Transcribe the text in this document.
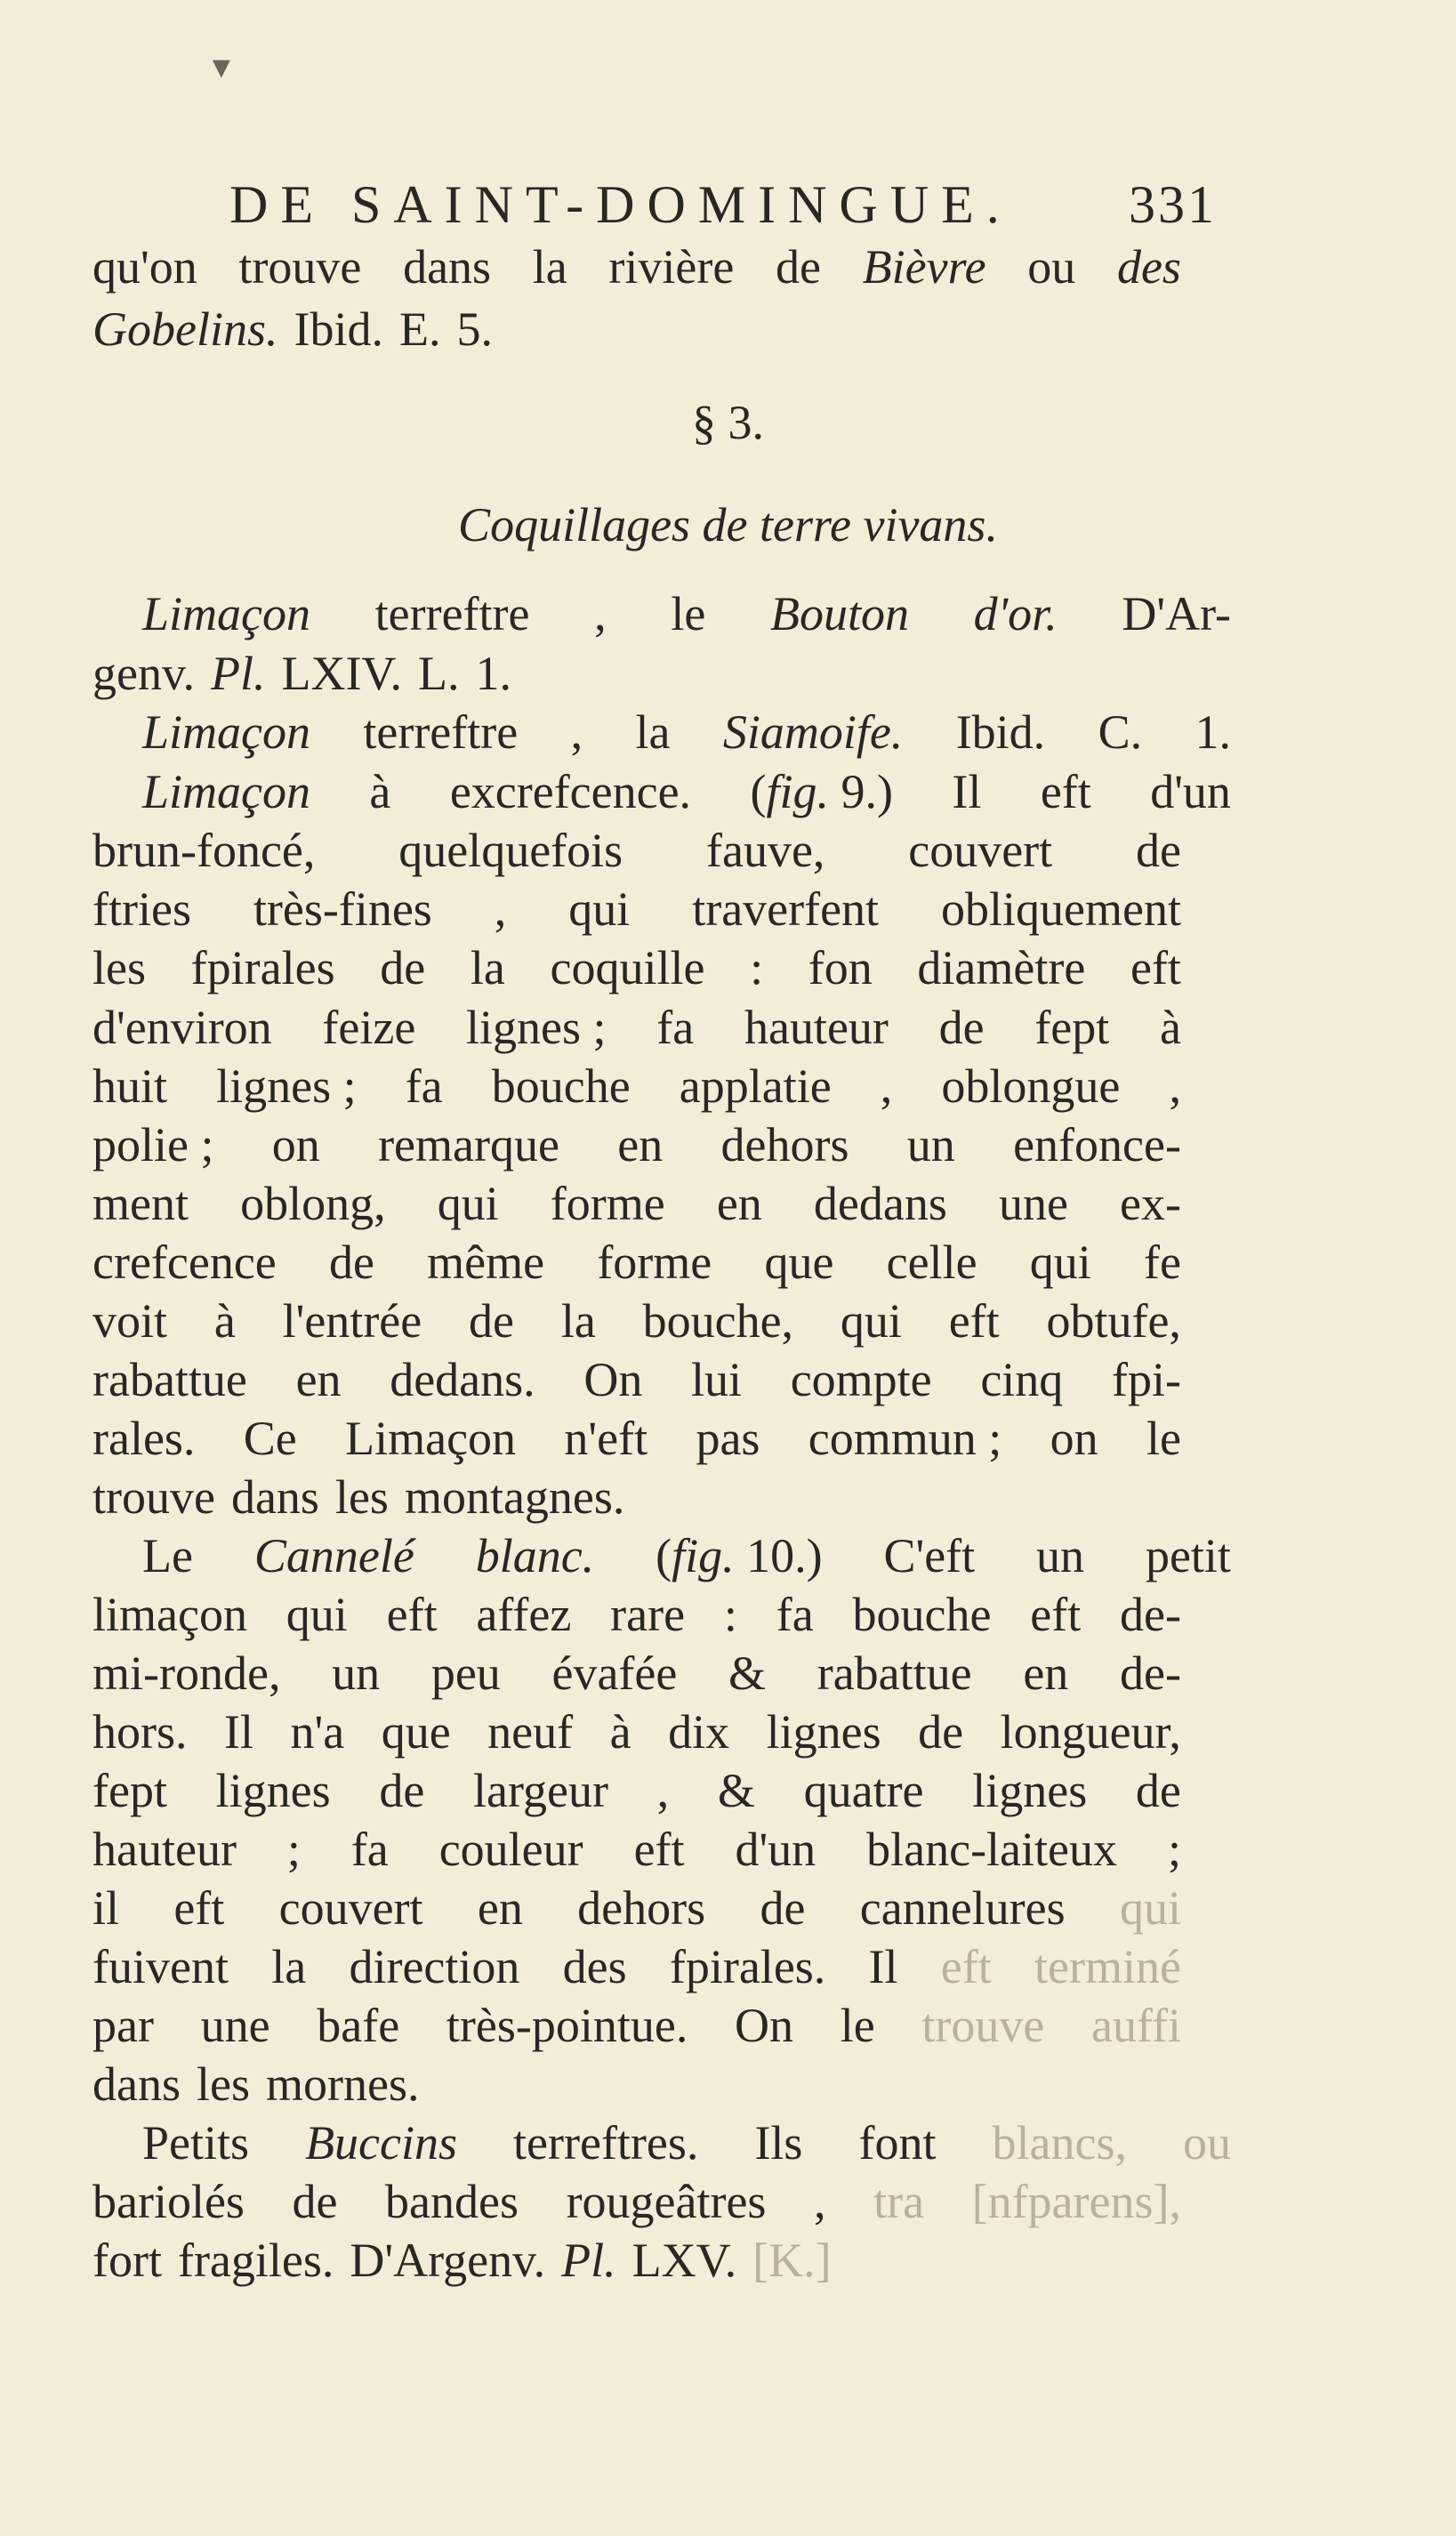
▼
DE SAINT-DOMINGUE. 331
qu'on trouve dans la rivière de Bièvre ou des
Gobelins. Ibid. E. 5.
§ 3.
Coquillages de terre vivans.
Limaçon terreftre , le Bouton d'or. D'Ar-
genv. Pl. LXIV. L. 1.
Limaçon terreftre , la Siamoife. Ibid. C. 1.
Limaçon à excrefcence. (fig. 9.) Il eft d'un
brun-foncé, quelquefois fauve, couvert de
ftries très-fines , qui traverfent obliquement
les fpirales de la coquille : fon diamètre eft
d'environ feize lignes ; fa hauteur de fept à
huit lignes ; fa bouche applatie , oblongue ,
polie ; on remarque en dehors un enfonce-
ment oblong, qui forme en dedans une ex-
crefcence de même forme que celle qui fe
voit à l'entrée de la bouche, qui eft obtufe,
rabattue en dedans. On lui compte cinq fpi-
rales. Ce Limaçon n'eft pas commun ; on le
trouve dans les montagnes.
Le Cannelé blanc. (fig. 10.) C'eft un petit
limaçon qui eft affez rare : fa bouche eft de-
mi-ronde, un peu évafée & rabattue en de-
hors. Il n'a que neuf à dix lignes de longueur,
fept lignes de largeur , & quatre lignes de
hauteur ; fa couleur eft d'un blanc-laiteux ;
il eft couvert en dehors de cannelures qui
fuivent la direction des fpirales. Il eft terminé
par une bafe très-pointue. On le trouve auffi
dans les mornes.
Petits Buccins terreftres. Ils font blancs, ou
bariolés de bandes rougeâtres , tra [nfparens],
fort fragiles. D'Argenv. Pl. LXV. [K.]
